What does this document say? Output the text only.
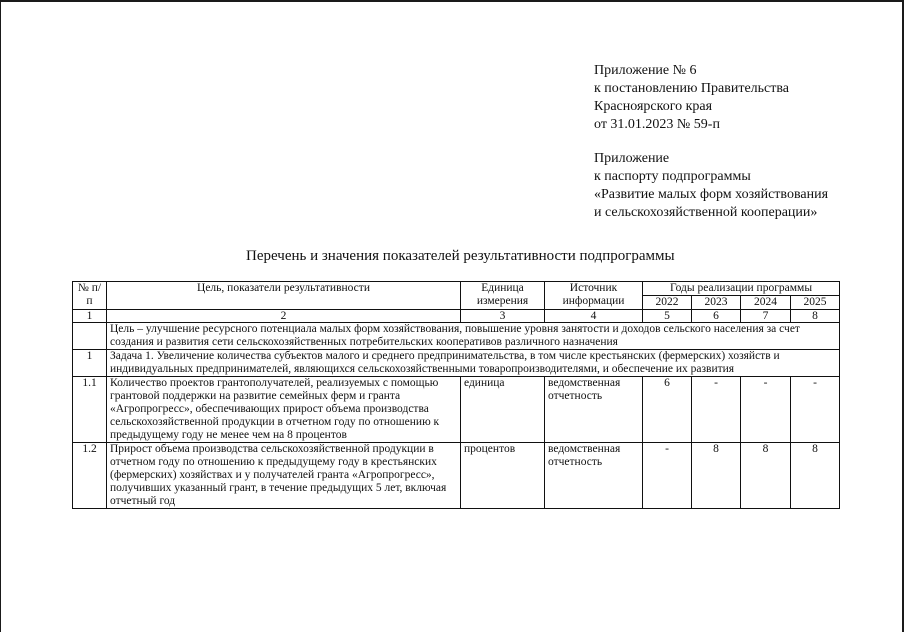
Приложение № 6
к постановлению Правительства
Красноярского края
от 31.01.2023 № 59-п
Приложение
к паспорту подпрограммы
«Развитие малых форм хозяйствования
и сельскохозяйственной кооперации»
Перечень и значения показателей результативности подпрограммы
№ п/п	Цель, показатели результативности	Единица измерения	Источник информации	Годы реализации программы			
				2022	2023	2024	2025
1	2	3	4	5	6	7	8
	Цель – улучшение ресурсного потенциала малых форм хозяйствования, повышение уровня занятости и доходов сельского населения за счет создания и развития сети сельскохозяйственных потребительских кооперативов различного назначения						
1	Задача 1. Увеличение количества субъектов малого и среднего предпринимательства, в том числе крестьянских (фермерских) хозяйств и индивидуальных предпринимателей, являющихся сельскохозяйственными товаропроизводителями, и обеспечение их развития						
1.1	Количество проектов грантополучателей, реализуемых с помощью грантовой поддержки на развитие семейных ферм и гранта «Агропрогресс», обеспечивающих прирост объема производства сельскохозяйственной продукции в отчетном году по отношению к предыдущему году не менее чем на 8 процентов	единица	ведомственная отчетность	6	-	-	-
1.2	Прирост объема производства сельскохозяйственной продукции в отчетном году по отношению к предыдущему году в крестьянских (фермерских) хозяйствах и у получателей гранта «Агропрогресс», получивших указанный грант, в течение предыдущих 5 лет, включая отчетный год	процентов	ведомственная отчетность	-	8	8	8
